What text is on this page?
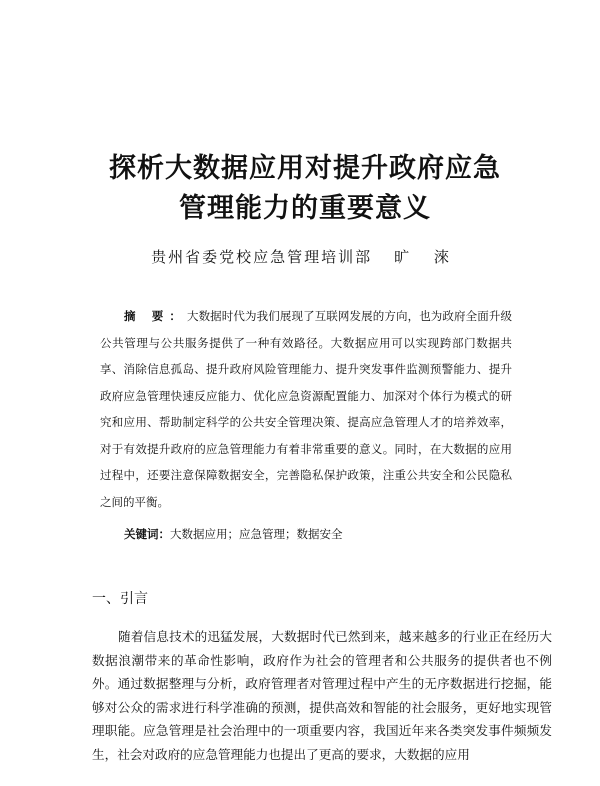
探析大数据应用对提升政府应急
管理能力的重要意义
贵州省委党校应急管理培训部 旷 淶

摘 要：大数据时代为我们展现了互联网发展的方向，也为政府全面升级公共管理与公共服务提供了一种有效路径。大数据应用可以实现跨部门数据共享、消除信息孤岛、提升政府风险管理能力、提升突发事件监测预警能力、提升政府应急管理快速反应能力、优化应急资源配置能力、加深对个体行为模式的研究和应用、帮助制定科学的公共安全管理决策、提高应急管理人才的培养效率，对于有效提升政府的应急管理能力有着非常重要的意义。同时，在大数据的应用过程中，还要注意保障数据安全，完善隐私保护政策，注重公共安全和公民隐私之间的平衡。

关键词：大数据应用；应急管理；数据安全
一、引言

随着信息技术的迅猛发展，大数据时代已然到来，越来越多的行业正在经历大数据浪潮带来的革命性影响，政府作为社会的管理者和公共服务的提供者也不例外。通过数据整理与分析，政府管理者对管理过程中产生的无序数据进行挖掘，能够对公众的需求进行科学准确的预测，提供高效和智能的社会服务，更好地实现管理职能。应急管理是社会治理中的一项重要内容，我国近年来各类突发事件频频发生，社会对政府的应急管理能力也提出了更高的要求，大数据的应用
